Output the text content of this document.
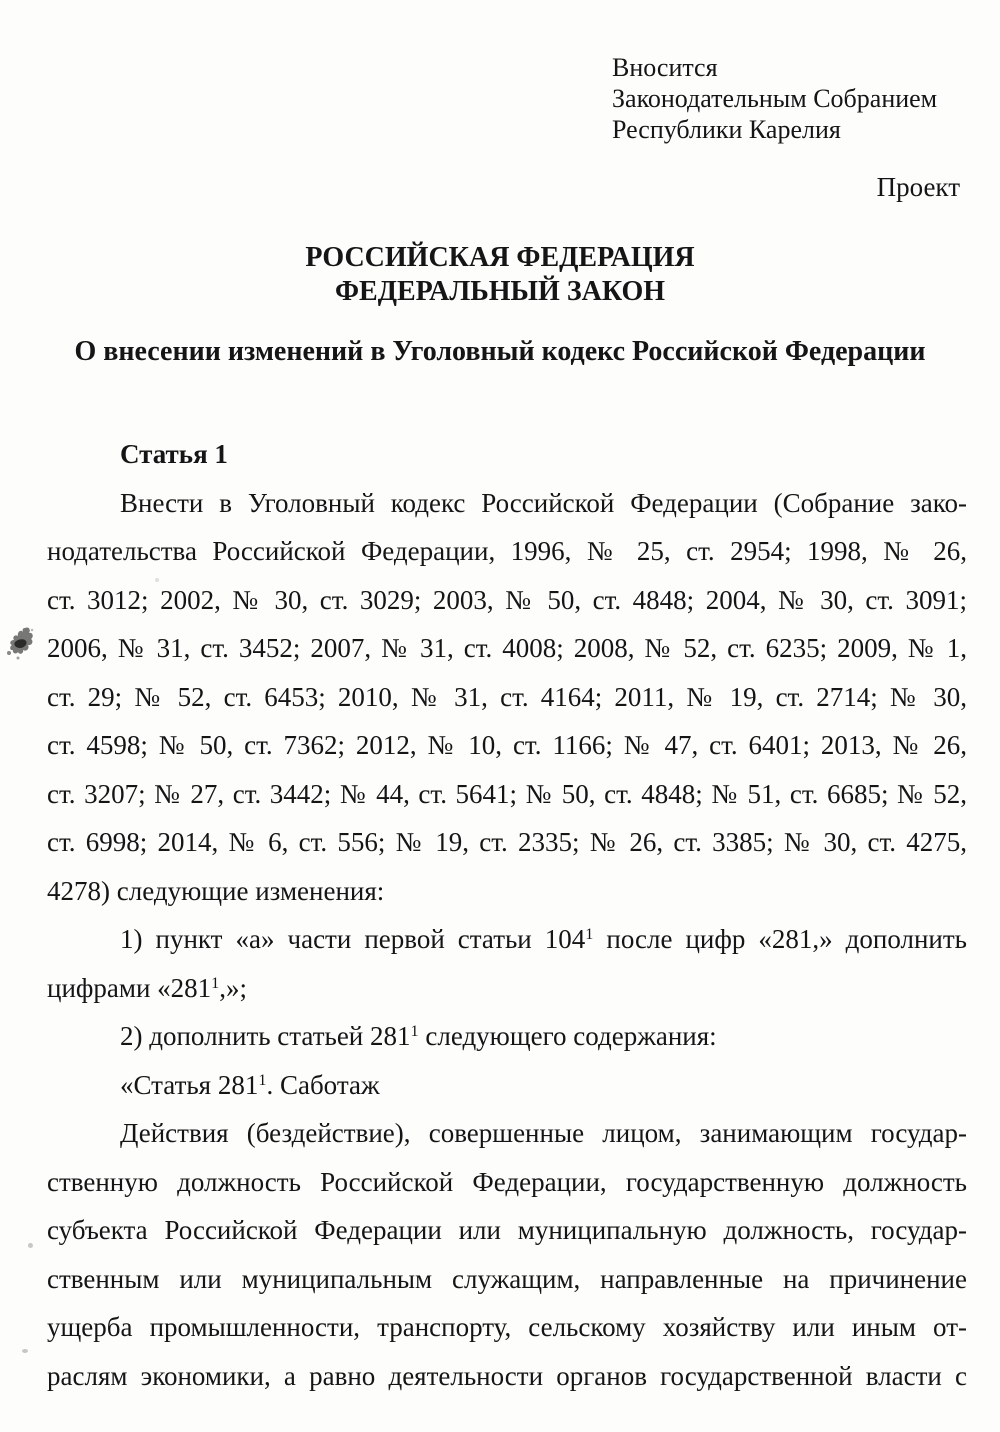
Вносится
Законодательным Собранием
Республики Карелия
Проект
РОССИЙСКАЯ ФЕДЕРАЦИЯ
ФЕДЕРАЛЬНЫЙ ЗАКОН
О внесении изменений в Уголовный кодекс Российской Федерации
Статья 1
Внести в Уголовный кодекс Российской Федерации (Собрание зако-
нодательства Российской Федерации, 1996, № 25, ст. 2954; 1998, № 26,
ст. 3012; 2002, № 30, ст. 3029; 2003, № 50, ст. 4848; 2004, № 30, ст. 3091;
2006, № 31, ст. 3452; 2007, № 31, ст. 4008; 2008, № 52, ст. 6235; 2009, № 1,
ст. 29; № 52, ст. 6453; 2010, № 31, ст. 4164; 2011, № 19, ст. 2714; № 30,
ст. 4598; № 50, ст. 7362; 2012, № 10, ст. 1166; № 47, ст. 6401; 2013, № 26,
ст. 3207; № 27, ст. 3442; № 44, ст. 5641; № 50, ст. 4848; № 51, ст. 6685; № 52,
ст. 6998; 2014, № 6, ст. 556; № 19, ст. 2335; № 26, ст. 3385; № 30, ст. 4275,
4278) следующие изменения:
1) пункт «а» части первой статьи $104^1$ после цифр «281,» дополнить
цифрами «$281^1$,»;
2) дополнить статьей $281^1$ следующего содержания:
«Статья $281^1$. Саботаж
Действия (бездействие), совершенные лицом, занимающим государ-
ственную должность Российской Федерации, государственную должность
субъекта Российской Федерации или муниципальную должность, государ-
ственным или муниципальным служащим, направленные на причинение
ущерба промышленности, транспорту, сельскому хозяйству или иным от-
раслям экономики, а равно деятельности органов государственной власти с
